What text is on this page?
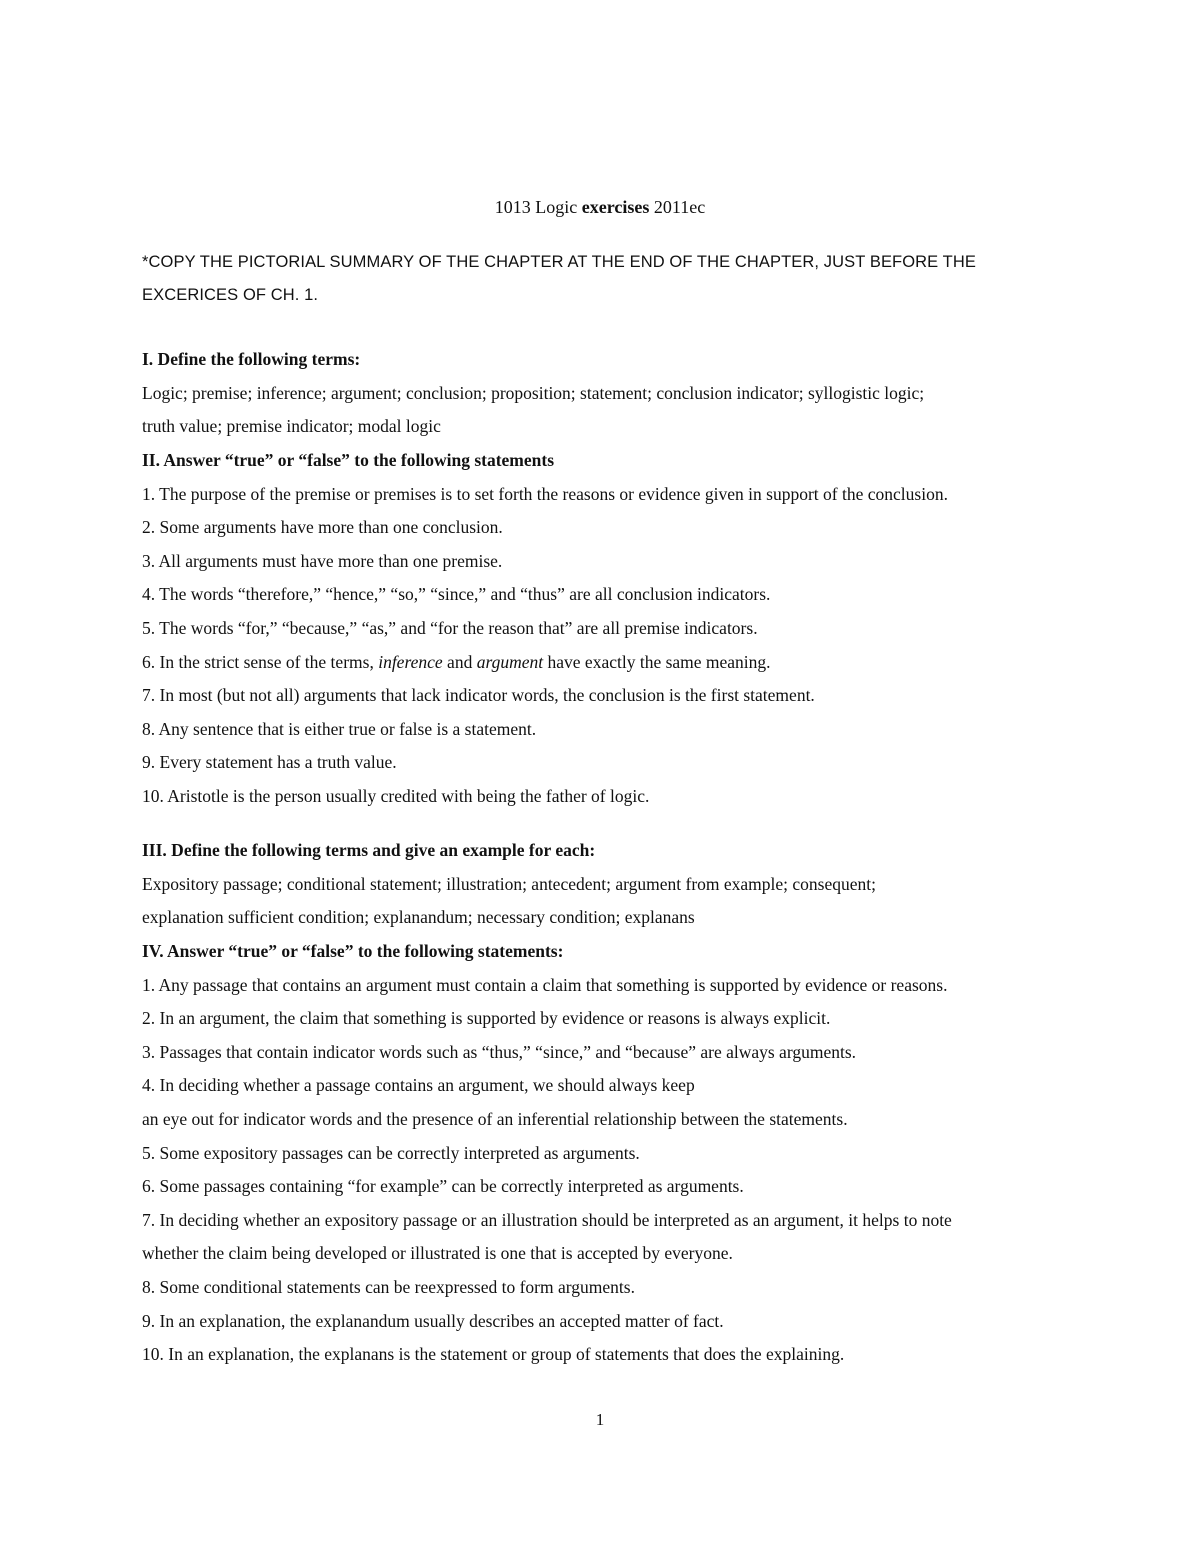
1013 Logic exercises 2011ec
*COPY THE PICTORIAL SUMMARY OF THE CHAPTER AT THE END OF THE CHAPTER, JUST BEFORE THE EXCERICES OF CH. 1.
I. Define the following terms:
Logic; premise; inference; argument; conclusion; proposition; statement; conclusion indicator; syllogistic logic;
truth value; premise indicator; modal logic
II. Answer “true” or “false” to the following statements
1. The purpose of the premise or premises is to set forth the reasons or evidence given in support of the conclusion.
2. Some arguments have more than one conclusion.
3. All arguments must have more than one premise.
4. The words “therefore,” “hence,” “so,” “since,” and “thus” are all conclusion indicators.
5. The words “for,” “because,” “as,” and “for the reason that” are all premise indicators.
6. In the strict sense of the terms, inference and argument have exactly the same meaning.
7. In most (but not all) arguments that lack indicator words, the conclusion is the first statement.
8. Any sentence that is either true or false is a statement.
9. Every statement has a truth value.
10. Aristotle is the person usually credited with being the father of logic.
III. Define the following terms and give an example for each:
Expository passage; conditional statement; illustration; antecedent; argument from example; consequent;
explanation sufficient condition; explanandum; necessary condition; explanans
IV. Answer “true” or “false” to the following statements:
1. Any passage that contains an argument must contain a claim that something is supported by evidence or reasons.
2. In an argument, the claim that something is supported by evidence or reasons is always explicit.
3. Passages that contain indicator words such as “thus,” “since,” and “because” are always arguments.
4. In deciding whether a passage contains an argument, we should always keep
an eye out for indicator words and the presence of an inferential relationship between the statements.
5. Some expository passages can be correctly interpreted as arguments.
6. Some passages containing “for example” can be correctly interpreted as arguments.
7. In deciding whether an expository passage or an illustration should be interpreted as an argument, it helps to note
whether the claim being developed or illustrated is one that is accepted by everyone.
8. Some conditional statements can be reexpressed to form arguments.
9. In an explanation, the explanandum usually describes an accepted matter of fact.
10. In an explanation, the explanans is the statement or group of statements that does the explaining.
1
